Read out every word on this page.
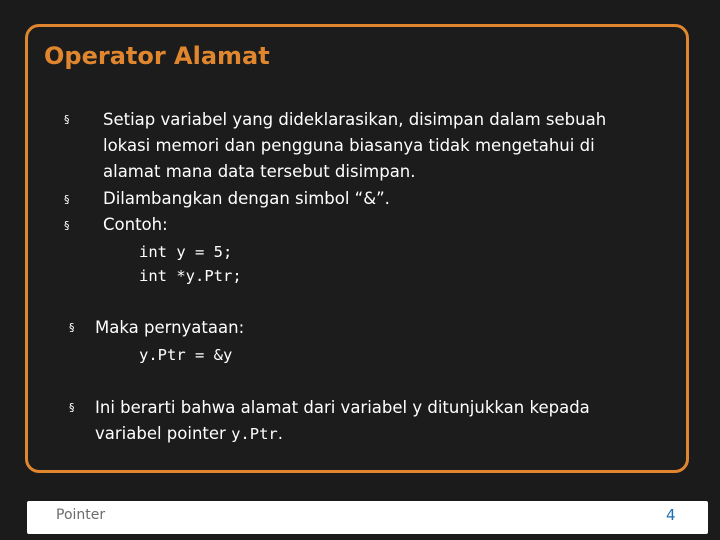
Operator Alamat
§ Setiap variabel yang dideklarasikan, disimpan dalam sebuah
lokasi memori dan pengguna biasanya tidak mengetahui di
alamat mana data tersebut disimpan.
§ Dilambangkan dengan simbol “&”.
§ Contoh:
int y = 5;
int *y.Ptr;
§ Maka pernyataan:
y.Ptr = &y
§ Ini berarti bahwa alamat dari variabel y ditunjukkan kepada
variabel pointer y.Ptr.
Pointer	4
